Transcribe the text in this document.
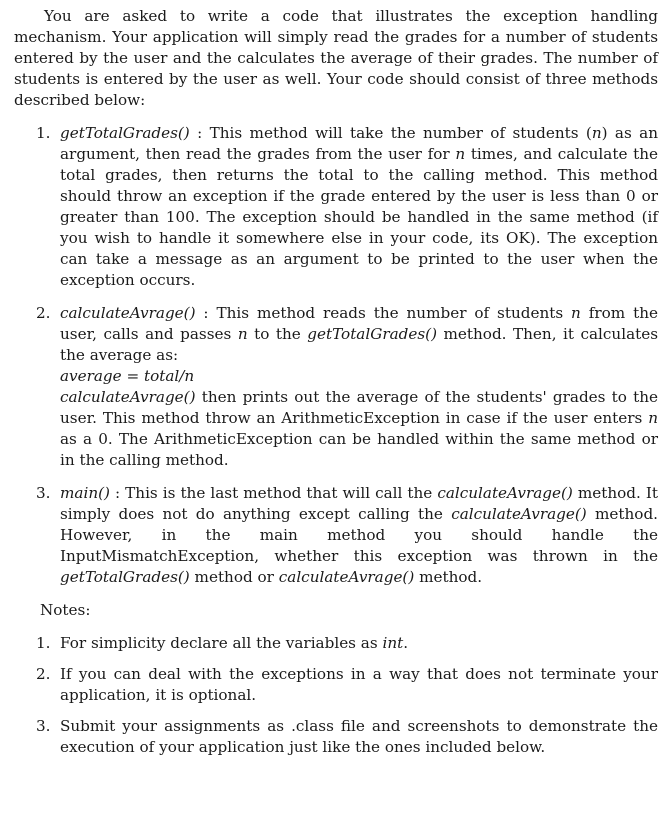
You are asked to write a code that illustrates the exception handling mechanism. Your application will simply read the grades for a number of students entered by the user and the calculates the average of their grades. The number of students is entered by the user as well. Your code should consist of three methods described below:

1. getTotalGrades() : This method will take the number of students (n) as an argument, then read the grades from the user for n times, and calculate the total grades, then returns the total to the calling method. This method should throw an exception if the grade entered by the user is less than 0 or greater than 100. The exception should be handled in the same method (if you wish to handle it somewhere else in your code, its OK). The exception can take a message as an argument to be printed to the user when the exception occurs.
2. calculateAvrage() : This method reads the number of students n from the user, calls and passes n to the getTotalGrades() method. Then, it calculates the average as:

average = total/n

calculateAvrage() then prints out the average of the students' grades to the user. This method throw an ArithmeticException in case if the user enters n as a 0. The ArithmeticException can be handled within the same method or in the calling method.

3. main() : This is the last method that will call the calculateAvrage() method. It simply does not do anything except calling the calculateAvrage() method. However, in the main method you should handle the InputMismatchException, whether this exception was thrown in the getTotalGrades() method or calculateAvrage() method.

Notes:

1. For simplicity declare all the variables as int.
2. If you can deal with the exceptions in a way that does not terminate your application, it is optional.
3. Submit your assignments as .class file and screenshots to demonstrate the execution of your application just like the ones included below.
